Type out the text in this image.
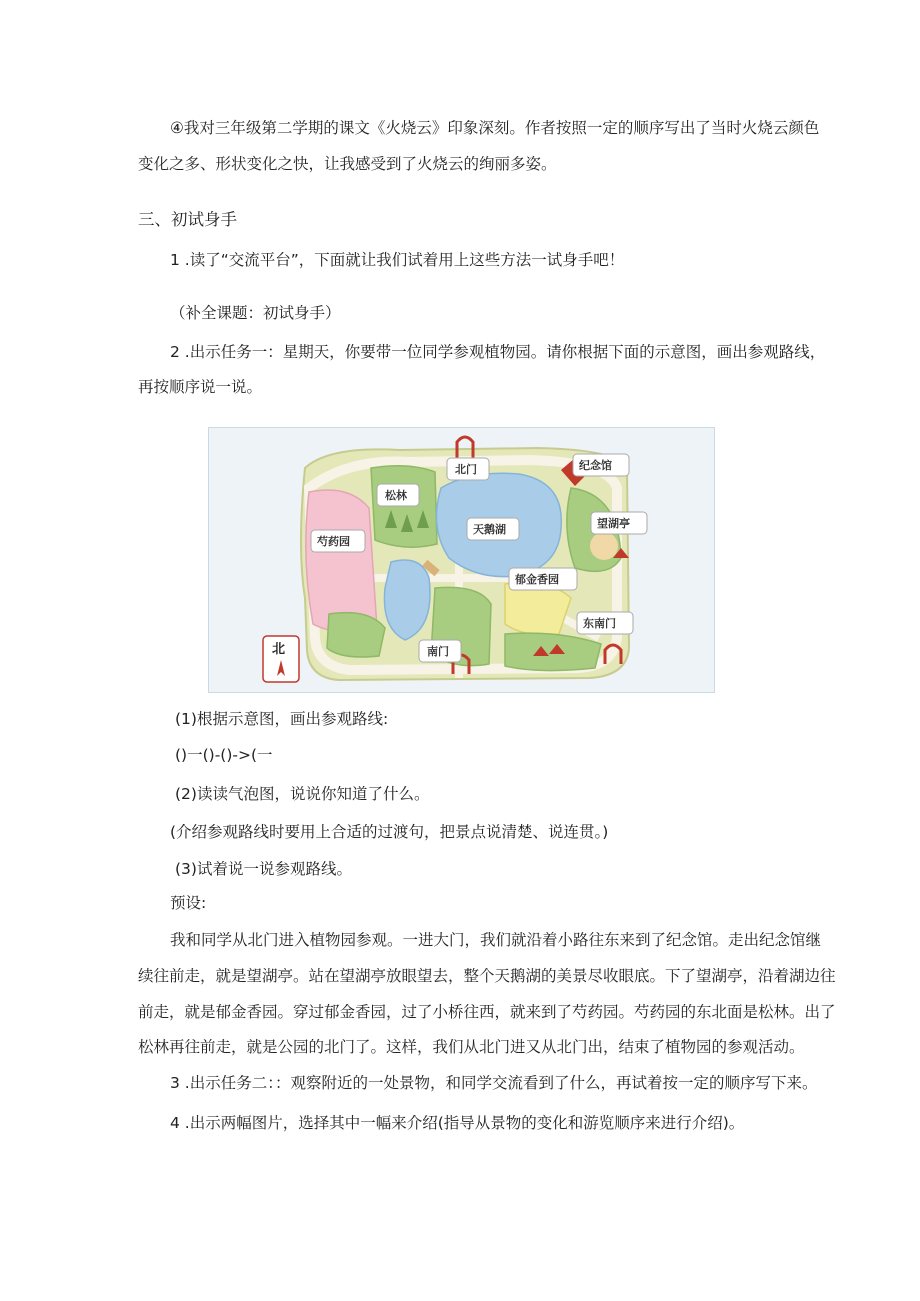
④我对三年级第二学期的课文《火烧云》印象深刻。作者按照一定的顺序写出了当时火烧云颜色
变化之多、形状变化之快，让我感受到了火烧云的绚丽多姿。
三、初试身手
1 .读了“交流平台”，下面就让我们试着用上这些方法一试身手吧！
（补全课题：初试身手）
2 .出示任务一：星期天，你要带一位同学参观植物园。请你根据下面的示意图，画出参观路线，
再按顺序说一说。
北门	纪念馆
松林
天鹅湖	望湖亭
芍药园
郁金香园
东南门
南门
北
(1)根据示意图，画出参观路线:
()一()-()->(一
(2)读读气泡图，说说你知道了什么。
(介绍参观路线时要用上合适的过渡句，把景点说清楚、说连贯。)
(3)试着说一说参观路线。
预设:
我和同学从北门进入植物园参观。一进大门，我们就沿着小路往东来到了纪念馆。走出纪念馆继
续往前走，就是望湖亭。站在望湖亭放眼望去，整个天鹅湖的美景尽收眼底。下了望湖亭，沿着湖边往
前走，就是郁金香园。穿过郁金香园，过了小桥往西，就来到了芍药园。芍药园的东北面是松林。出了
松林再往前走，就是公园的北门了。这样，我们从北门进又从北门出，结束了植物园的参观活动。
3 .出示任务二：：观察附近的一处景物，和同学交流看到了什么，再试着按一定的顺序写下来。
4 .出示两幅图片，选择其中一幅来介绍(指导从景物的变化和游览顺序来进行介绍)。
